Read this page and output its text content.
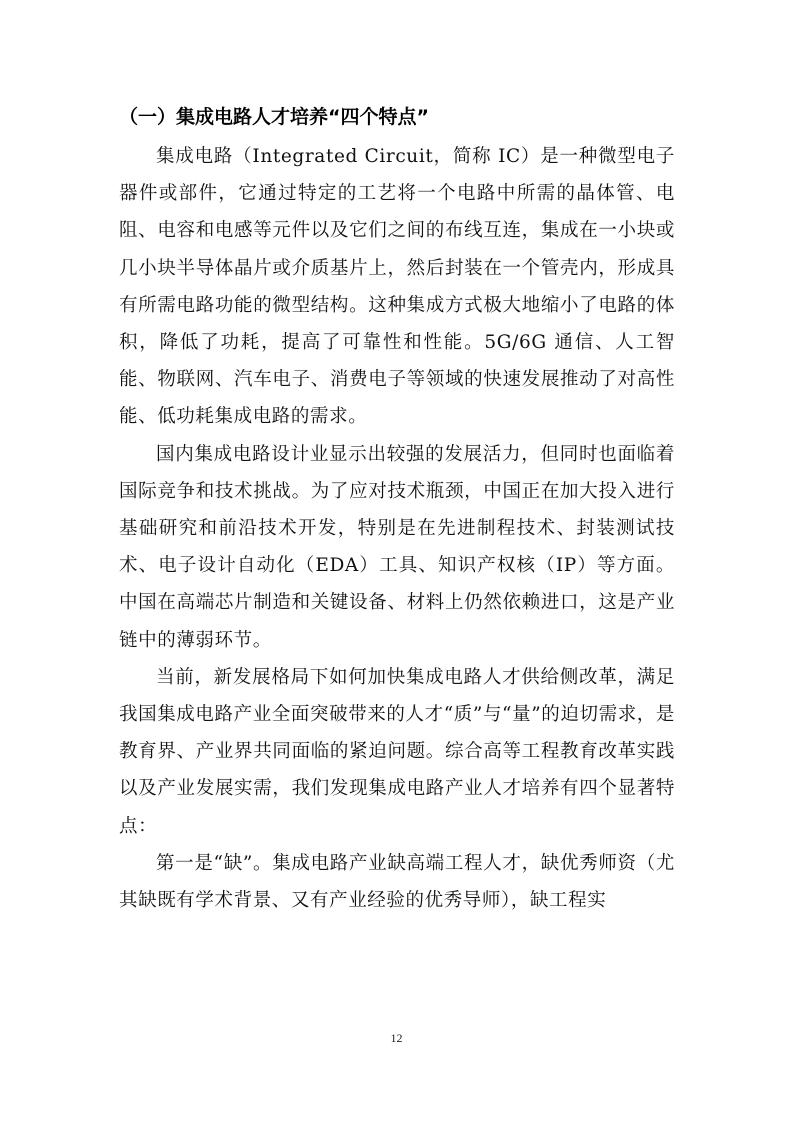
（一）集成电路人才培养“四个特点”

集成电路（Integrated Circuit，简称 IC）是一种微型电子器件或部件，它通过特定的工艺将一个电路中所需的晶体管、电阻、电容和电感等元件以及它们之间的布线互连，集成在一小块或几小块半导体晶片或介质基片上，然后封装在一个管壳内，形成具有所需电路功能的微型结构。这种集成方式极大地缩小了电路的体积，降低了功耗，提高了可靠性和性能。5G/6G 通信、人工智能、物联网、汽车电子、消费电子等领域的快速发展推动了对高性能、低功耗集成电路的需求。

国内集成电路设计业显示出较强的发展活力，但同时也面临着国际竞争和技术挑战。为了应对技术瓶颈，中国正在加大投入进行基础研究和前沿技术开发，特别是在先进制程技术、封装测试技术、电子设计自动化（EDA）工具、知识产权核（IP）等方面。中国在高端芯片制造和关键设备、材料上仍然依赖进口，这是产业链中的薄弱环节。

当前，新发展格局下如何加快集成电路人才供给侧改革，满足我国集成电路产业全面突破带来的人才“质”与“量”的迫切需求，是教育界、产业界共同面临的紧迫问题。综合高等工程教育改革实践以及产业发展实需，我们发现集成电路产业人才培养有四个显著特点：

第一是“缺”。集成电路产业缺高端工程人才，缺优秀师资（尤其缺既有学术背景、又有产业经验的优秀导师），缺工程实

12
